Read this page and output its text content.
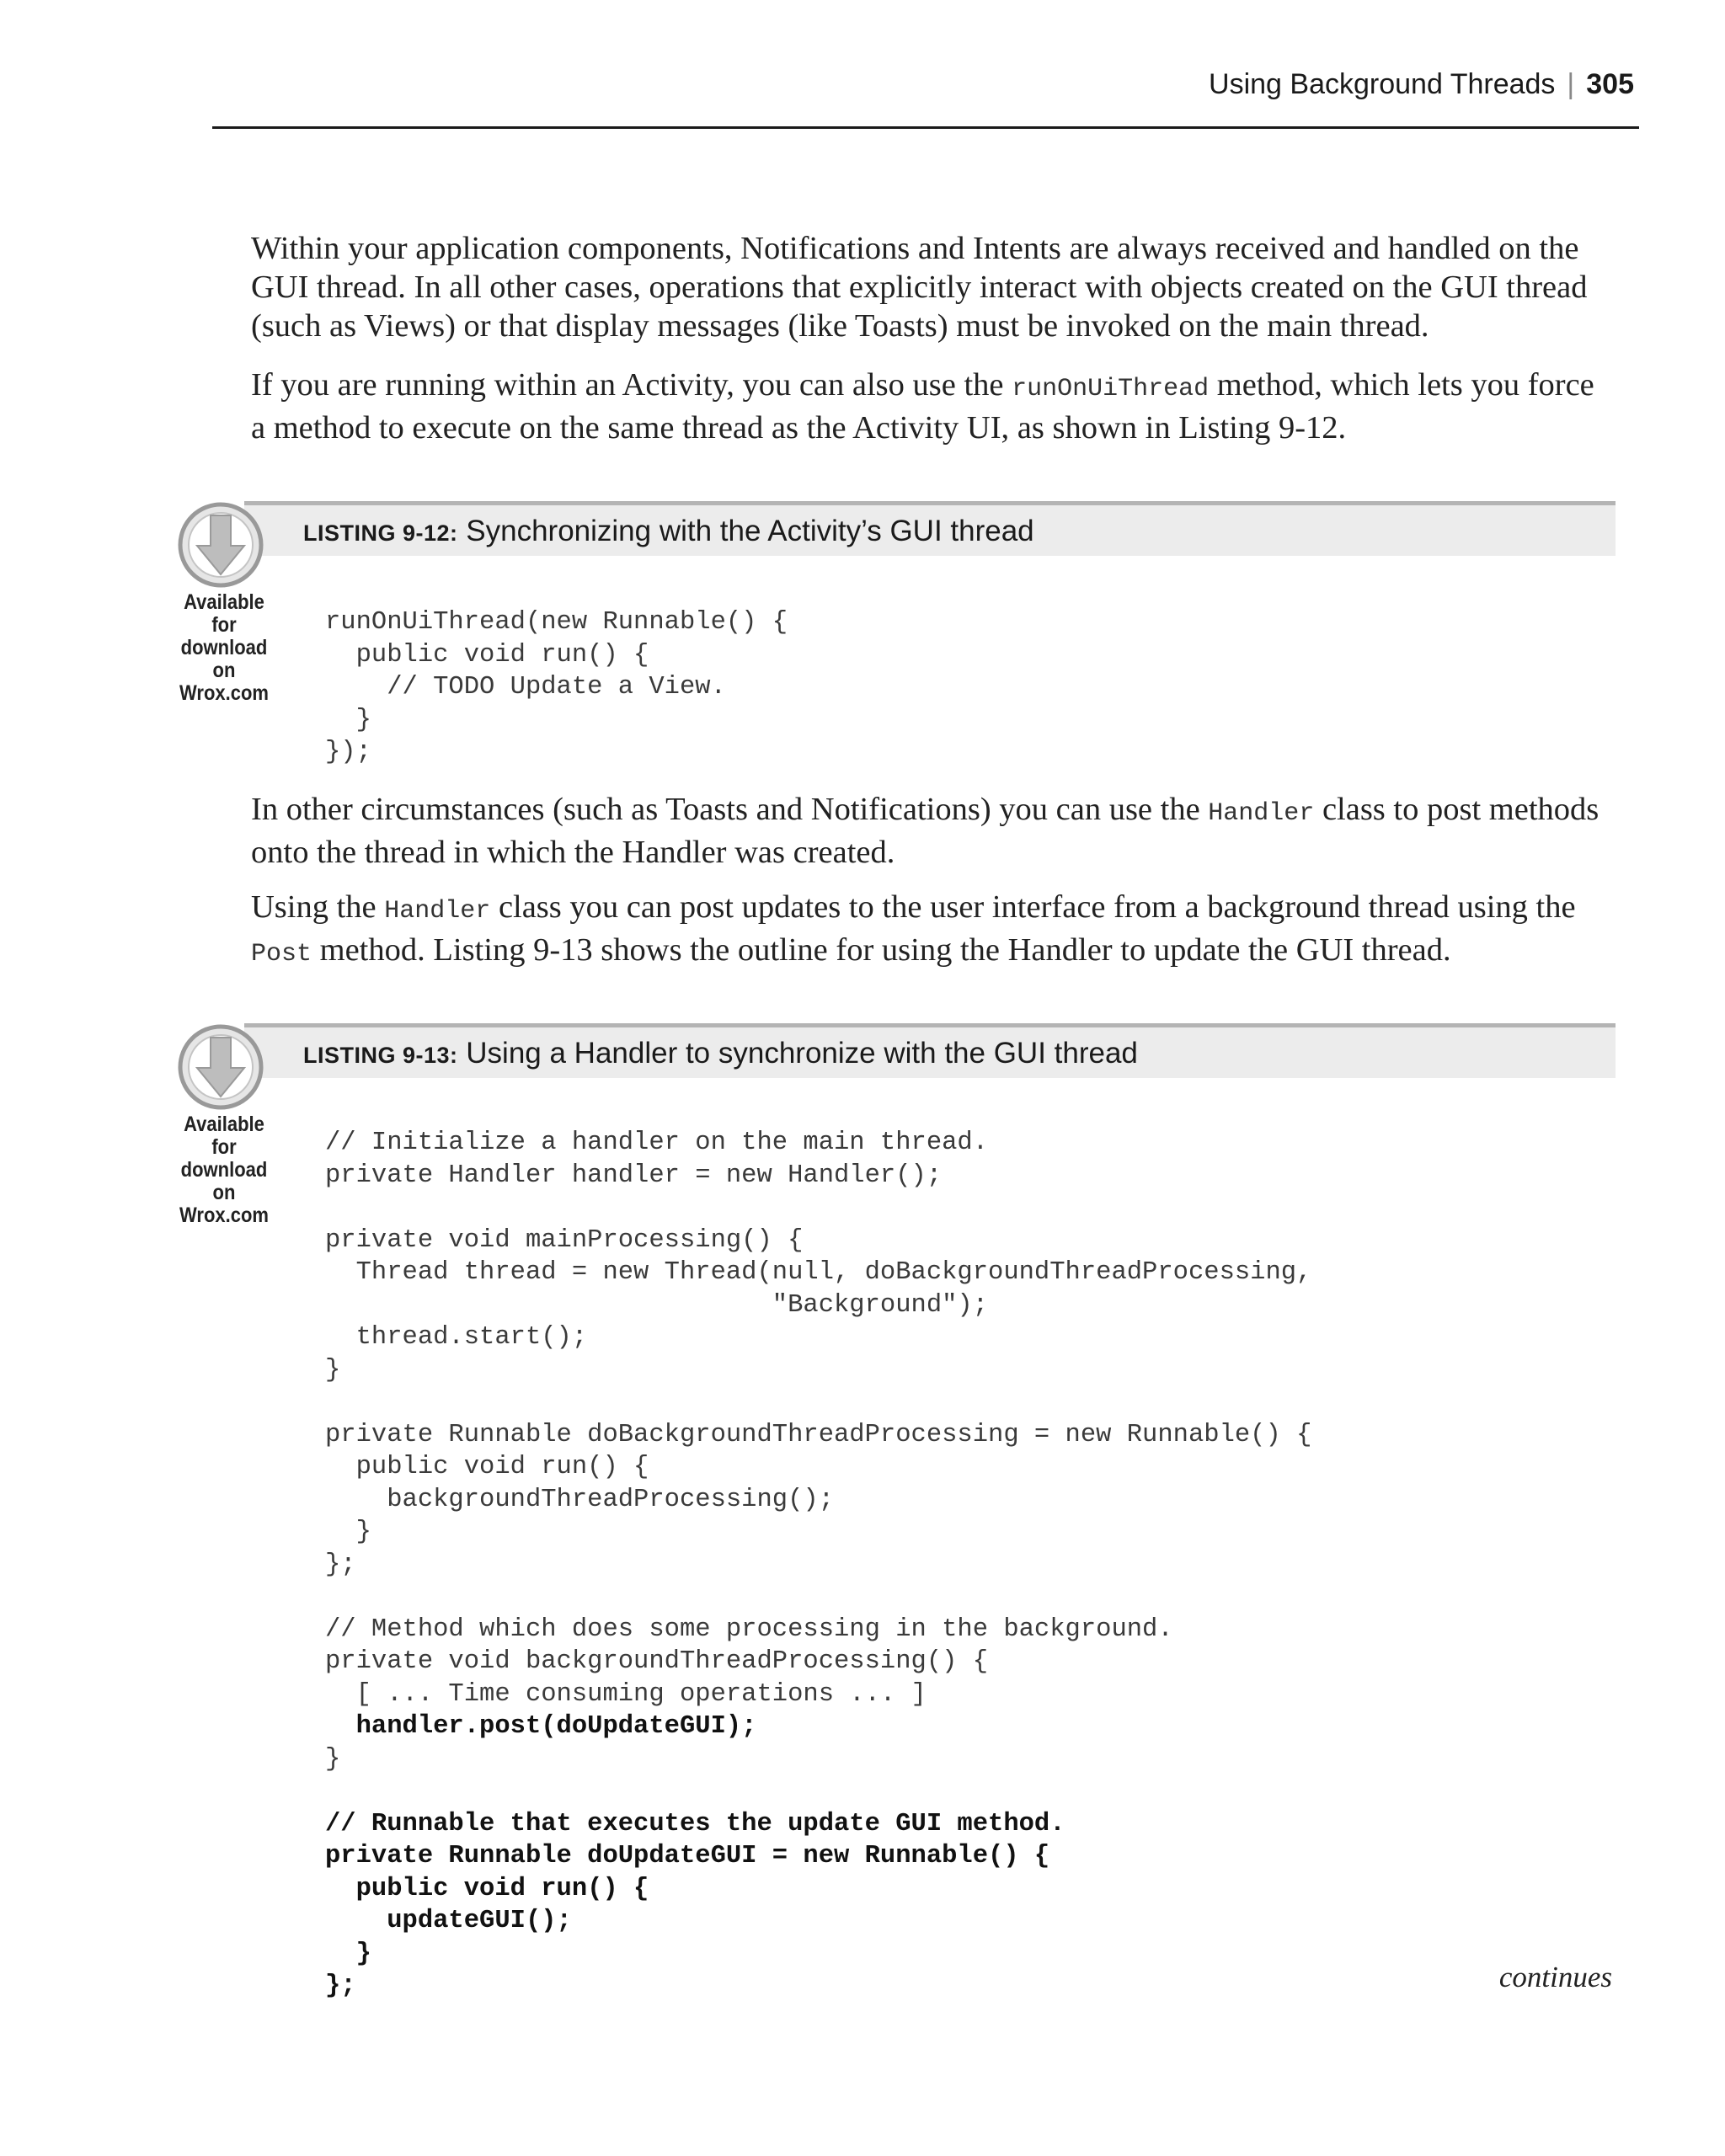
Using Background Threads | 305
Within your application components, Notifications and Intents are always received and handled on the
GUI thread. In all other cases, operations that explicitly interact with objects created on the GUI thread
(such as Views) or that display messages (like Toasts) must be invoked on the main thread.
If you are running within an Activity, you can also use the runOnUiThread method, which lets you force
a method to execute on the same thread as the Activity UI, as shown in Listing 9-12.
LISTING 9-12: Synchronizing with the Activity’s GUI thread
Available for
download on
Wrox.com
runOnUiThread(new Runnable() {
public void run() {
// TODO Update a View.
}
});
In other circumstances (such as Toasts and Notifications) you can use the Handler class to post methods
onto the thread in which the Handler was created.
Using the Handler class you can post updates to the user interface from a background thread using the
Post method. Listing 9-13 shows the outline for using the Handler to update the GUI thread.
LISTING 9-13: Using a Handler to synchronize with the GUI thread
Available for
download on
Wrox.com
// Initialize a handler on the main thread.
private Handler handler = new Handler();

private void mainProcessing() {
Thread thread = new Thread(null, doBackgroundThreadProcessing,
"Background");
thread.start();
}

private Runnable doBackgroundThreadProcessing = new Runnable() {
public void run() {
backgroundThreadProcessing();
}
};

// Method which does some processing in the background.
private void backgroundThreadProcessing() {
[ ... Time consuming operations ... ]
handler.post(doUpdateGUI);
}

// Runnable that executes the update GUI method.
private Runnable doUpdateGUI = new Runnable() {
public void run() {
updateGUI();
}
};	continues
